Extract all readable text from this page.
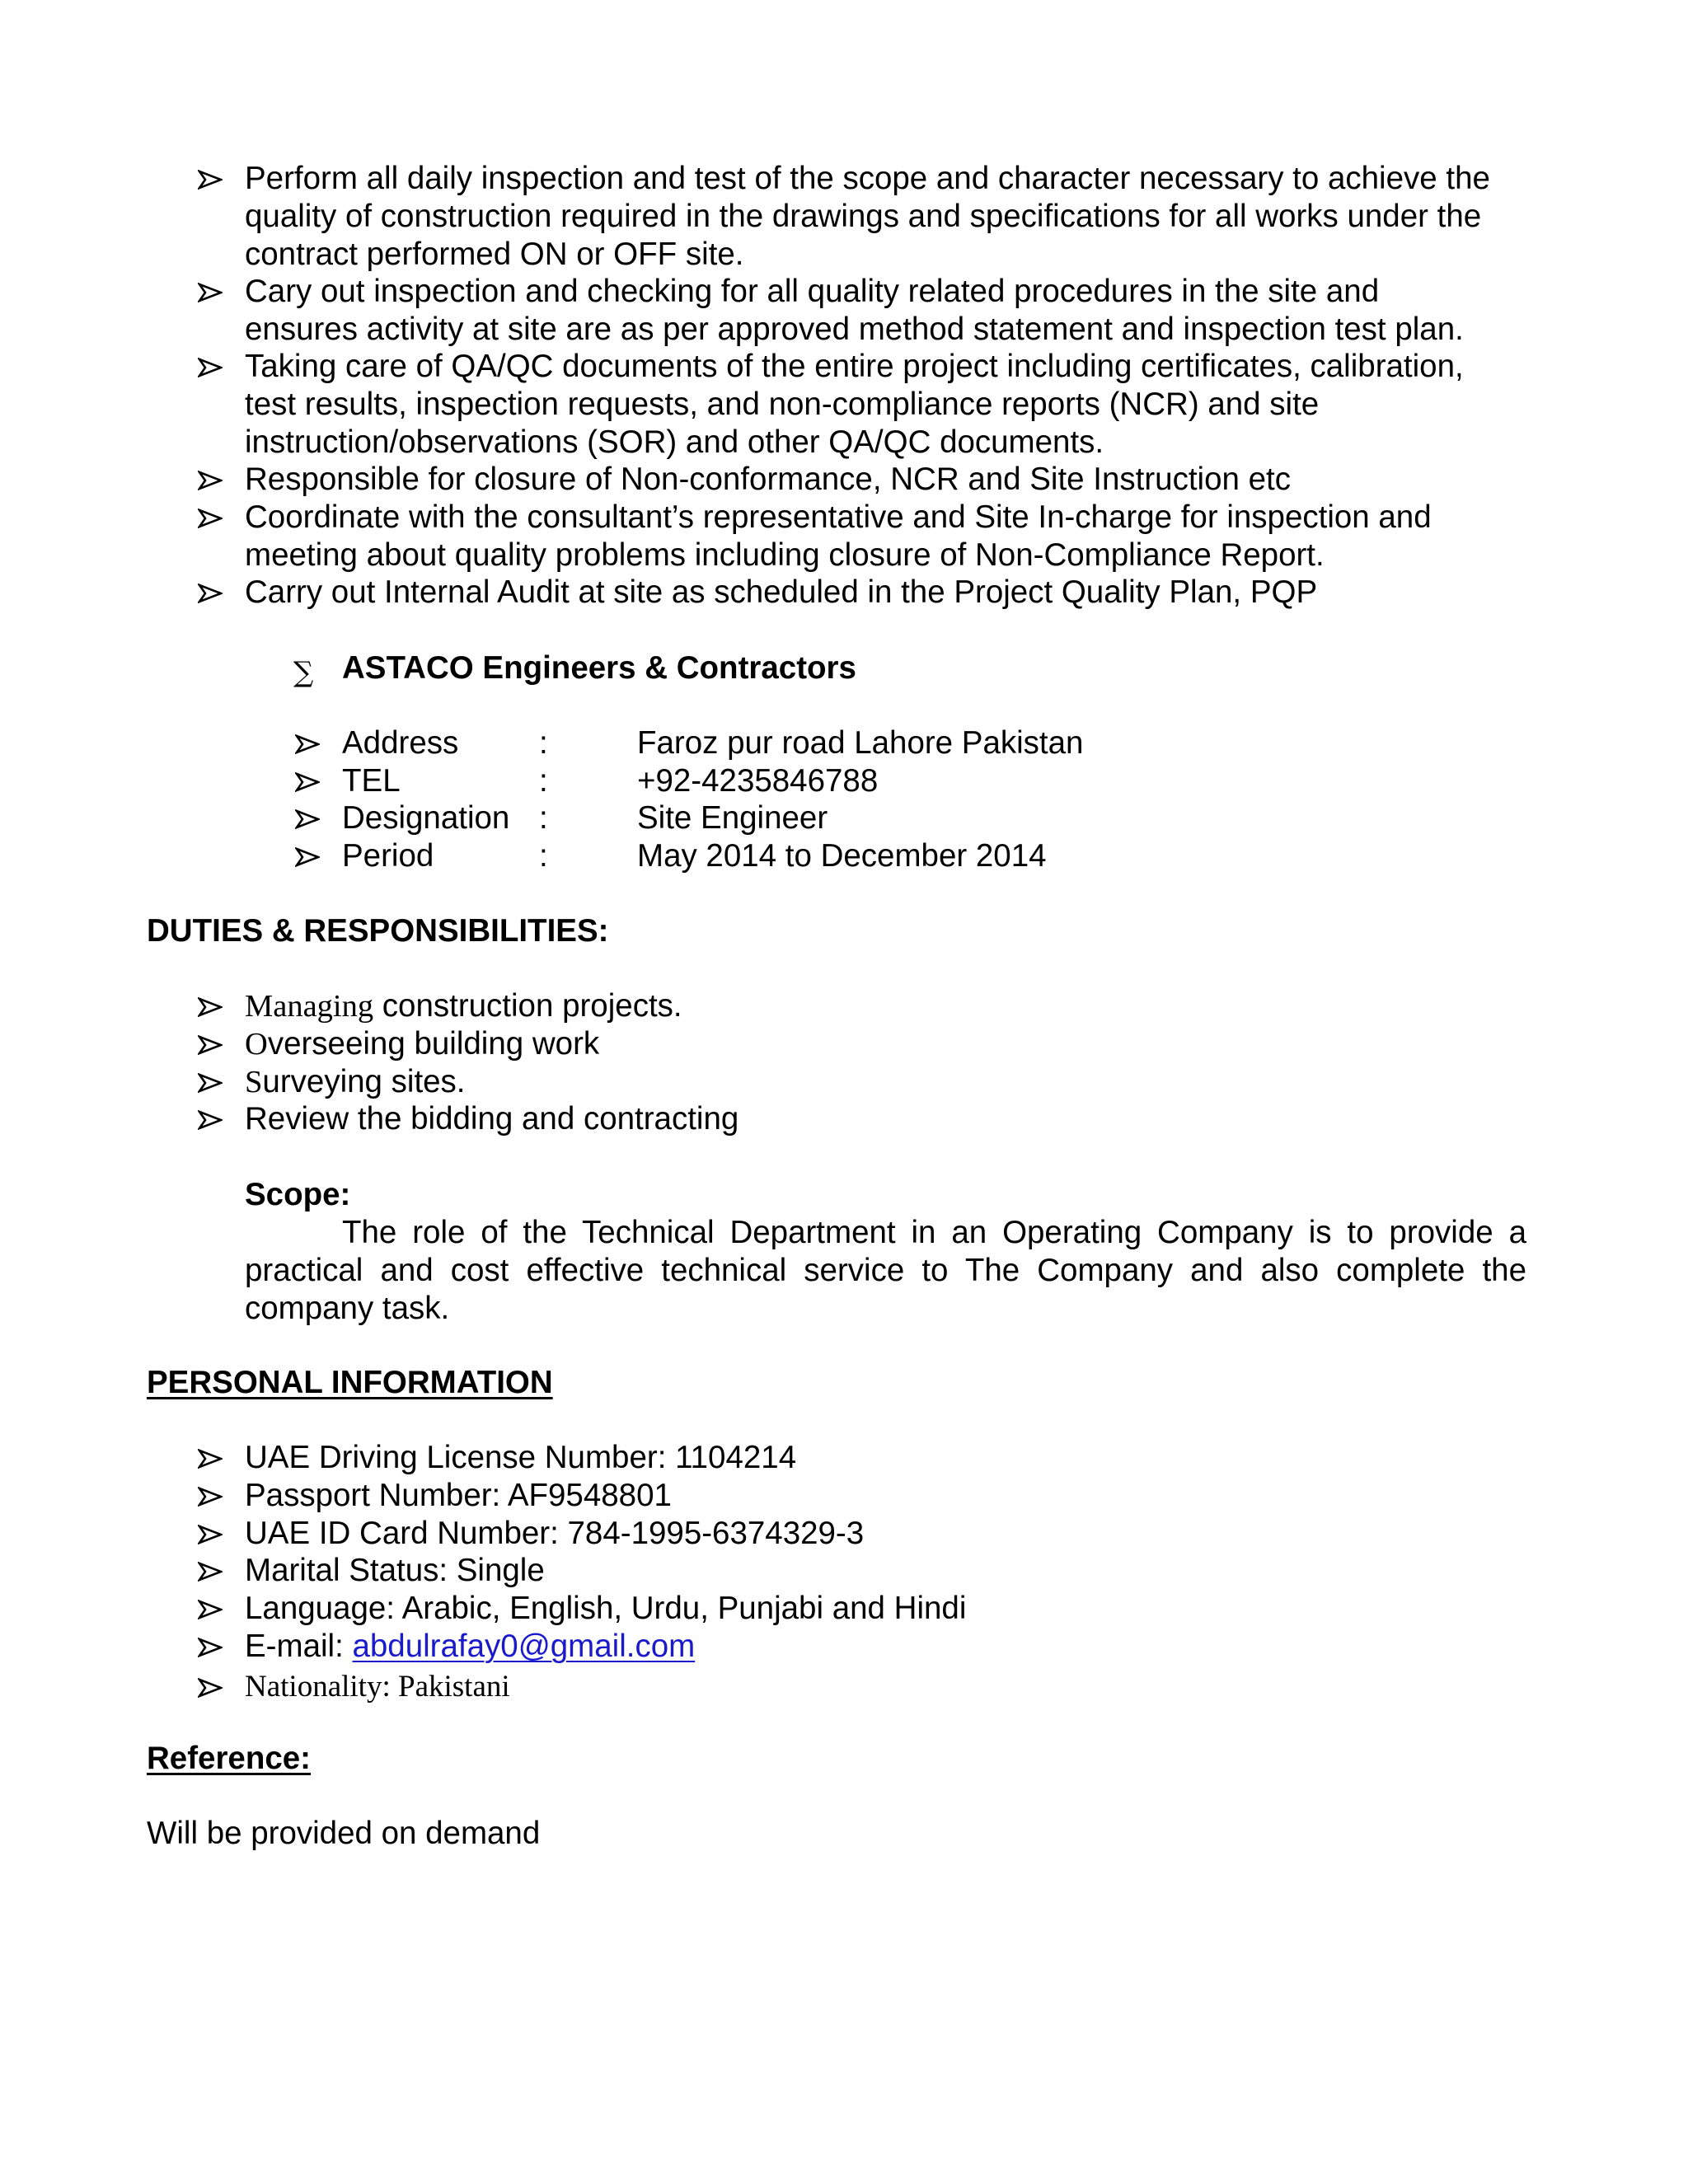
Perform all daily inspection and test of the scope and character necessary to achieve the
quality of construction required in the drawings and specifications for all works under the
contract performed ON or OFF site.
Cary out inspection and checking for all quality related procedures in the site and
ensures activity at site are as per approved method statement and inspection test plan.
Taking care of QA/QC documents of the entire project including certificates, calibration,
test results, inspection requests, and non-compliance reports (NCR) and site
instruction/observations (SOR) and other QA/QC documents.
Responsible for closure of Non-conformance, NCR and Site Instruction etc
Coordinate with the consultant’s representative and Site In-charge for inspection and
meeting about quality problems including closure of Non-Compliance Report.
Carry out Internal Audit at site as scheduled in the Project Quality Plan, PQP
∑ ASTACO Engineers & Contractors
Address	:	Faroz pur road Lahore Pakistan
TEL	:	+92-4235846788
Designation :	Site Engineer
Period	:	May 2014 to December 2014
DUTIES & RESPONSIBILITIES:
Managing construction projects.
Overseeing building work
Surveying sites.
Review the bidding and contracting
Scope:
The role of the Technical Department in an Operating Company is to provide a practical and cost effective technical service to The Company and also complete the company task.
PERSONAL INFORMATION
UAE Driving License Number: 1104214
Passport Number: AF9548801
UAE ID Card Number: 784-1995-6374329-3
Marital Status: Single
Language: Arabic, English, Urdu, Punjabi and Hindi
E-mail: abdulrafay0@gmail.com
Nationality: Pakistani
Reference:
Will be provided on demand
